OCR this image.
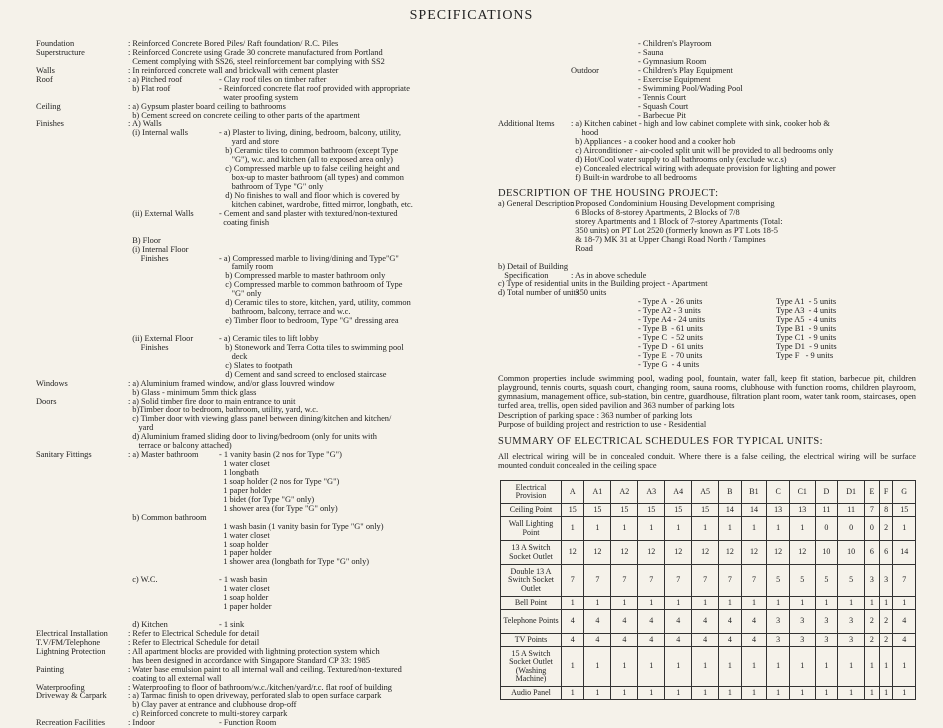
SPECIFICATIONS
Foundation	: Reinforced Concrete Bored Piles/ Raft foundation/ R.C. Piles
Superstructure	: Reinforced Concrete using Grade 30 concrete manufactured from Portland
Cement complying with SS26, steel reinforcement bar complying with SS2
Walls	: In reinforced concrete wall and brickwall with cement plaster
Roof	: a) Pitched roof	- Clay roof tiles on timber rafter
b) Flat roof	- Reinforced concrete flat roof provided with appropriate
water proofing system
Ceiling	: a) Gypsum plaster board ceiling to bathrooms
b) Cement screed on concrete ceiling to other parts of the apartment
Finishes	: A) Walls
(i) Internal walls	- a) Plaster to living, dining, bedroom, balcony, utility,
yard and store
b) Ceramic tiles to common bathroom (except Type
"G"), w.c. and kitchen (all to exposed area only)
c) Compressed marble up to false ceiling height and
box-up to master bathroom (all types) and common
bathroom of Type "G" only
d) No finishes to wall and floor which is covered by
kitchen cabinet, wardrobe, fitted mirror, longbath, etc.
(ii) External Walls	- Cement and sand plaster with textured/non-textured
coating finish
B) Floor
(i) Internal Floor
Finishes	- a) Compressed marble to living/dining and Type"G"
family room
b) Compressed marble to master bathroom only
c) Compressed marble to common bathroom of Type
"G" only
d) Ceramic tiles to store, kitchen, yard, utility, common
bathroom, balcony, terrace and w.c.
e) Timber floor to bedroom, Type "G" dressing area
(ii) External Floor	- a) Ceramic tiles to lift lobby
Finishes	b) Stonework and Terra Cotta tiles to swimming pool
deck
c) Slates to footpath
d) Cement and sand screed to enclosed staircase
Windows	: a) Aluminium framed window, and/or glass louvred window
b) Glass - minimum 5mm thick glass
Doors	: a) Solid timber fire door to main entrance to unit
b)Timber door to bedroom, bathroom, utility, yard, w.c.
c) Timber door with viewing glass panel between dining/kitchen and kitchen/
yard
d) Aluminium framed sliding door to living/bedroom (only for units with
terrace or balcony attached)
Sanitary Fittings	: a) Master bathroom - 1 vanity basin (2 nos for Type "G")
1 water closet
1 longbath
1 soap holder (2 nos for Type "G")
1 paper holder
1 bidet (for Type "G" only)
1 shower area (for Type "G" only)
b) Common bathroom
1 wash basin (1 vanity basin for Type "G" only)
1 water closet
1 soap holder
1 paper holder
1 shower area (longbath for Type "G" only)
c) W.C.	- 1 wash basin
1 water closet
1 soap holder
1 paper holder
d) Kitchen	- 1 sink
Electrical Installation : Refer to Electrical Schedule for detail
T.V/FM/Telephone	: Refer to Electrical Schedule for detail
Lightning Protection	: All apartment blocks are provided with lightning protection system which
has been designed in accordance with Singapore Standard CP 33: 1985
Painting	: Water base emulsion paint to all internal wall and ceiling. Textured/non-textured
coating to all external wall
Waterproofing	: Waterproofing to floor of bathroom/w.c./kitchen/yard/r.c. flat roof of building
Driveway & Carpark	: a) Tarmac finish to open driveway, perforated slab to open surface carpark
b) Clay paver at entrance and clubhouse drop-off
c) Reinforced concrete to multi-storey carpark
Recreation Facilities	: Indoor	- Function Room
- Children's Playroom
- Sauna
- Gymnasium Room
Outdoor	- Children's Play Equipment
- Exercise Equipment
- Swimming Pool/Wading Pool
- Tennis Court
- Squash Court
- Barbecue Pit
Additional Items : a) Kitchen cabinet - high and low cabinet complete with sink, cooker hob &
hood
b) Appliances - a cooker hood and a cooker hob
c) Airconditioner - air-cooled split unit will be provided to all bedrooms only
d) Hot/Cool water supply to all bathrooms only (exclude w.c.s)
e) Concealed electrical wiring with adequate provision for lighting and power
f) Built-in wardrobe to all bedrooms
DESCRIPTION OF THE HOUSING PROJECT:
a) General Description
: Proposed Condominium Housing Development comprising
6 Blocks of 8-storey Apartments, 2 Blocks of 7/8
storey Apartments and 1 Block of 7-storey Apartments (Total:
350 units) on PT Lot 2520 (formerly known as PT Lots 18-5
& 18-7) MK 31 at Upper Changi Road North / Tampines
Road
b) Detail of Building
Specification	: As in above schedule
c) Type of residential units in the Building project - Apartment
d) Total number of units
: 350 units
- Type A  - 26 units	Type A1  - 5 units
- Type A2 - 3 units	Type A3  - 4 units
- Type A4 - 24 units	Type A5  - 4 units
- Type B  - 61 units	Type B1  - 9 units
- Type C  - 52 units	Type C1  - 9 units
- Type D  - 61 units	Type D1  - 9 units
- Type E  - 70 units	Type F   - 9 units
- Type G  - 4 units
Common properties include swimming pool, wading pool, fountain, water fall, keep fit station, barbecue pit, children playground, tennis courts, squash court, changing room, sauna rooms, clubhouse with function rooms, children playroom, gymnasium, management office, sub-station, bin centre, guardhouse, filtration plant room, water tank room, staircases, open turfed area, trellis, open sided pavilion and 363 number of parking lots
Description of parking space : 363 number of parking lots
Purpose of building project and restriction to use - Residential
SUMMARY OF ELECTRICAL SCHEDULES FOR TYPICAL UNITS:
All electrical wiring will be in concealed conduit. Where there is a false ceiling, the electrical wiring will be surface mounted conduit concealed in the ceiling space
Electrical Provision	A	A1	A2	A3	A4	A5	B	B1	C	C1	D	D1	E	F	G
Ceiling Point	15	15	15	15	15	15	14	14	13	13	11	11	7	8	15
Wall Lighting Point	1	1	1	1	1	1	1	1	1	1	0	0	0	2	1
13 A Switch Socket Outlet	12	12	12	12	12	12	12	12	12	12	10	10	6	6	14
Double 13 A Switch Socket Outlet	7	7	7	7	7	7	7	7	5	5	5	5	3	3	7
Bell Point	1	1	1	1	1	1	1	1	1	1	1	1	1	1	1
Telephone Points	4	4	4	4	4	4	4	4	3	3	3	3	2	2	4
TV Points	4	4	4	4	4	4	4	4	3	3	3	3	2	2	4
15 A Switch Socket Outlet (Washing Machine)	1	1	1	1	1	1	1	1	1	1	1	1	1	1	1
Audio Panel	1	1	1	1	1	1	1	1	1	1	1	1	1	1	1
